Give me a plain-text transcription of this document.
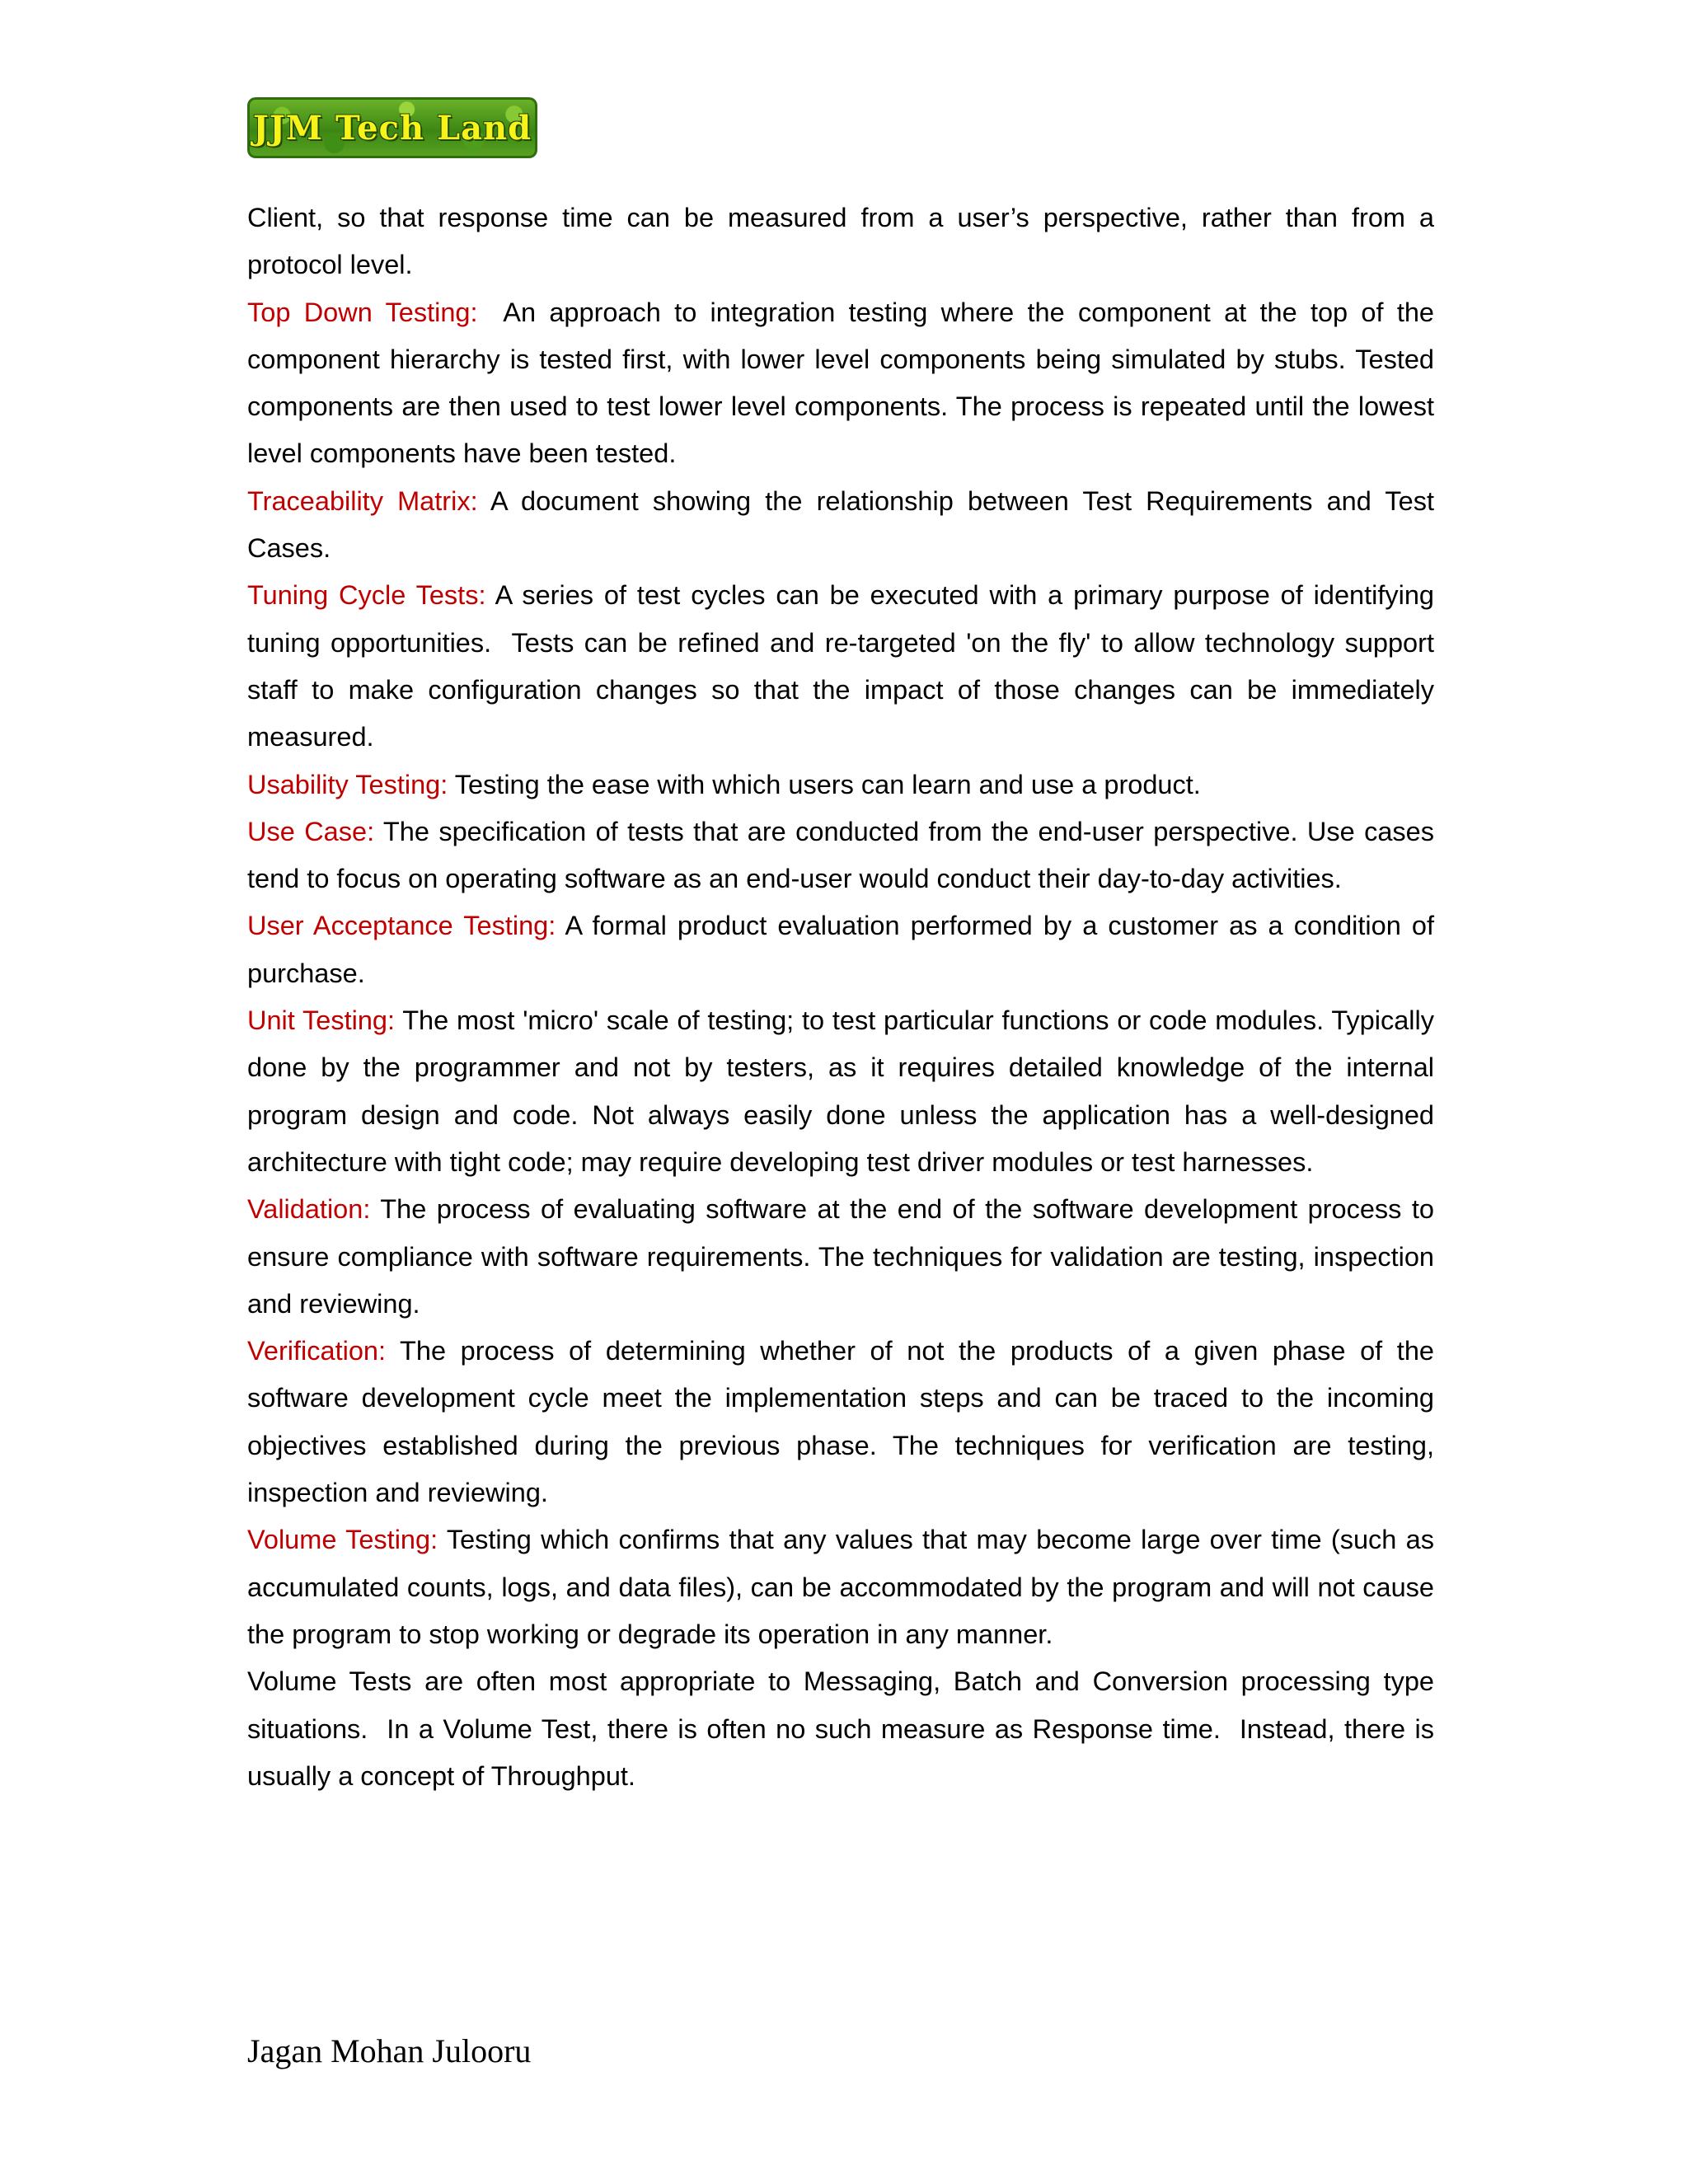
JJM Tech Land

Client, so that response time can be measured from a user’s perspective, rather than from a protocol level.

Top Down Testing:  An approach to integration testing where the component at the top of the component hierarchy is tested first, with lower level components being simulated by stubs. Tested components are then used to test lower level components. The process is repeated until the lowest level components have been tested.

Traceability Matrix: A document showing the relationship between Test Requirements and Test Cases.

Tuning Cycle Tests: A series of test cycles can be executed with a primary purpose of identifying tuning opportunities.  Tests can be refined and re-targeted 'on the fly' to allow technology support staff to make configuration changes so that the impact of those changes can be immediately measured.

Usability Testing: Testing the ease with which users can learn and use a product.

Use Case: The specification of tests that are conducted from the end-user perspective. Use cases tend to focus on operating software as an end-user would conduct their day-to-day activities.

User Acceptance Testing: A formal product evaluation performed by a customer as a condition of purchase.

Unit Testing: The most 'micro' scale of testing; to test particular functions or code modules. Typically done by the programmer and not by testers, as it requires detailed knowledge of the internal program design and code. Not always easily done unless the application has a well-designed architecture with tight code; may require developing test driver modules or test harnesses.

Validation: The process of evaluating software at the end of the software development process to ensure compliance with software requirements. The techniques for validation are testing, inspection and reviewing.

Verification: The process of determining whether of not the products of a given phase of the software development cycle meet the implementation steps and can be traced to the incoming objectives established during the previous phase. The techniques for verification are testing, inspection and reviewing.

Volume Testing: Testing which confirms that any values that may become large over time (such as accumulated counts, logs, and data files), can be accommodated by the program and will not cause the program to stop working or degrade its operation in any manner.

Volume Tests are often most appropriate to Messaging, Batch and Conversion processing type situations.  In a Volume Test, there is often no such measure as Response time.  Instead, there is usually a concept of Throughput.

Jagan Mohan Julooru
